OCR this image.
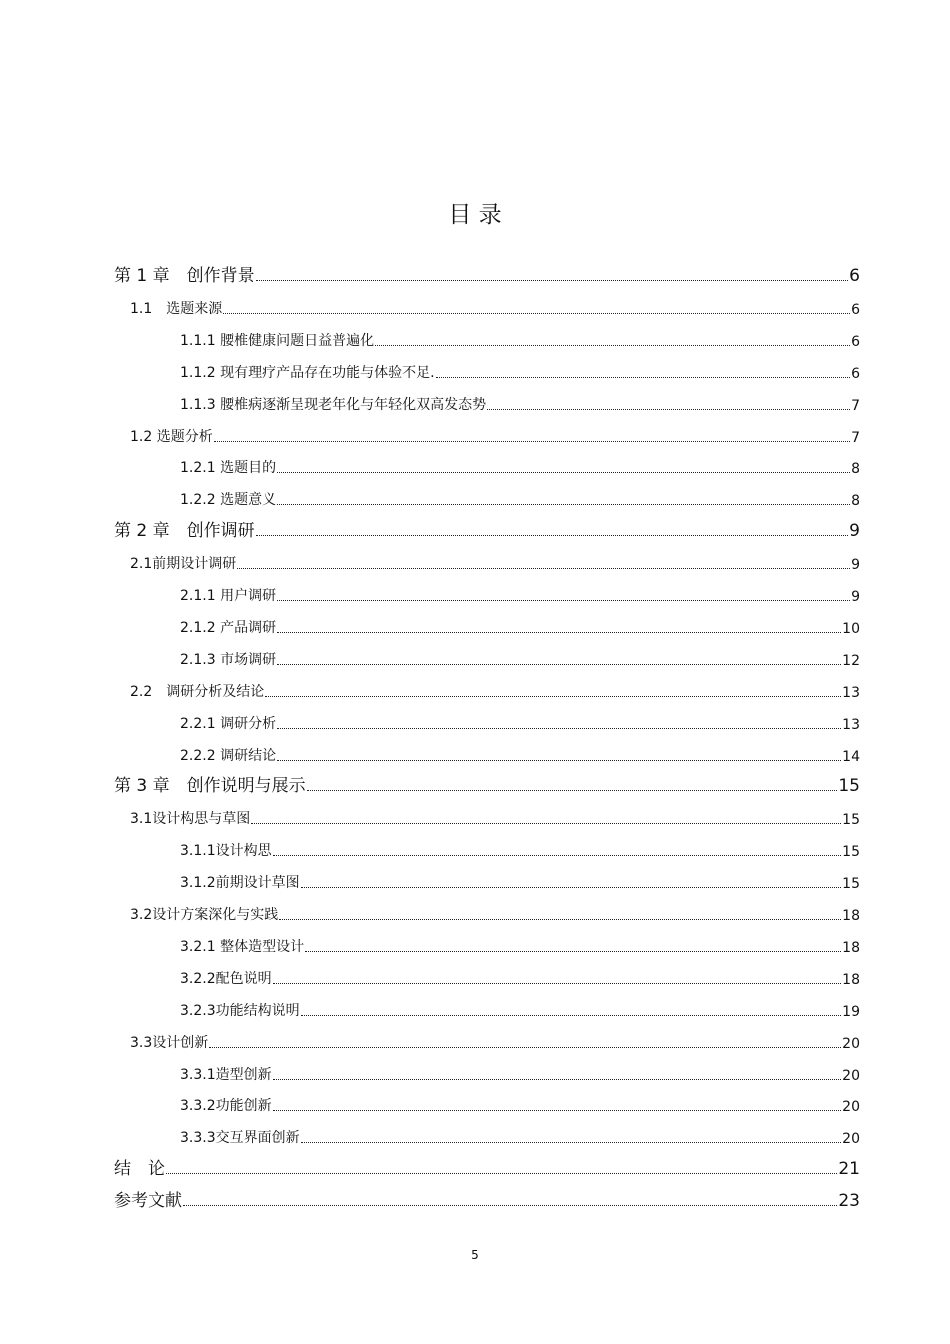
目 录
第 1 章　创作背景	6
1.1　选题来源	6
1.1.1 腰椎健康问题日益普遍化	6
1.1.2 现有理疗产品存在功能与体验不足.	6
1.1.3 腰椎病逐渐呈现老年化与年轻化双高发态势	7
1.2 选题分析	7
1.2.1 选题目的	8
1.2.2 选题意义	8
第 2 章　创作调研	9
2.1前期设计调研	9
2.1.1 用户调研	9
2.1.2 产品调研	10
2.1.3 市场调研	12
2.2　调研分析及结论	13
2.2.1 调研分析	13
2.2.2 调研结论	14
第 3 章　创作说明与展示	15
3.1设计构思与草图	15
3.1.1设计构思	15
3.1.2前期设计草图	15
3.2设计方案深化与实践	18
3.2.1 整体造型设计	18
3.2.2配色说明	18
3.2.3功能结构说明	19
3.3设计创新	20
3.3.1造型创新	20
3.3.2功能创新	20
3.3.3交互界面创新	20
结　论	21
参考文献	23
5
